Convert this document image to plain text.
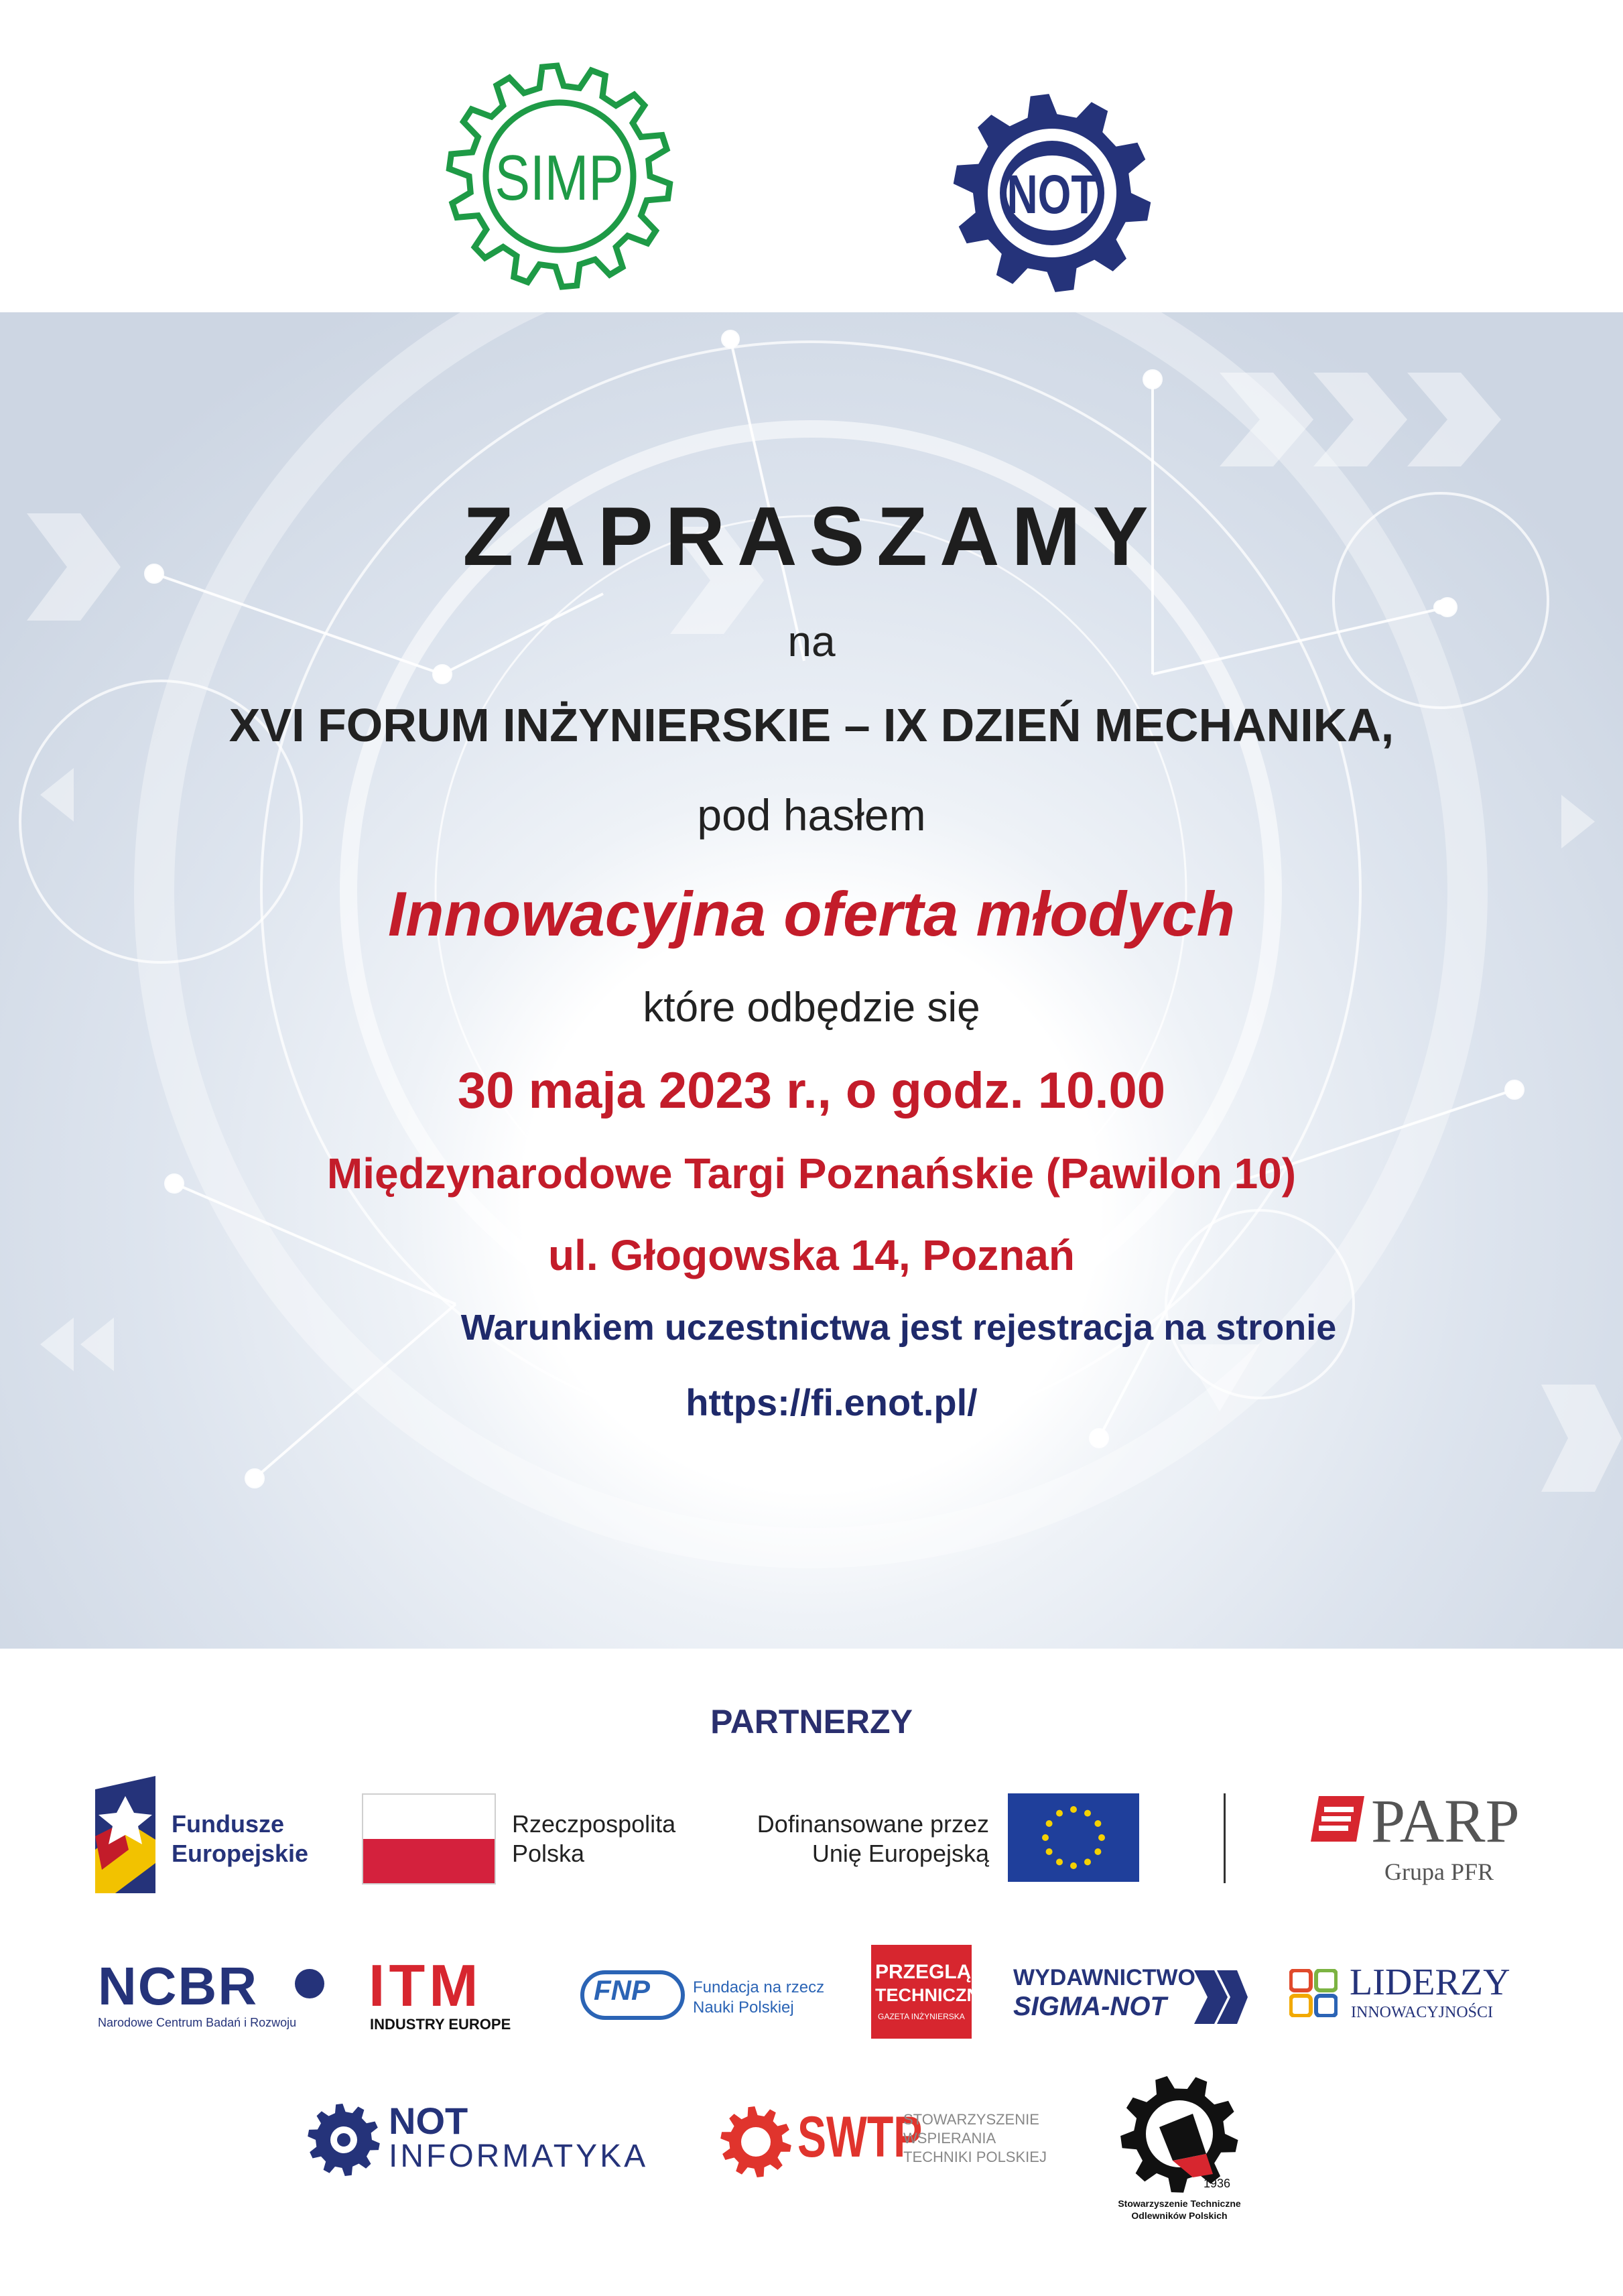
SIMP	NOT
ZAPRASZAMY
na
XVI FORUM INŻYNIERSKIE – IX DZIEŃ MECHANIKA,
pod hasłem
Innowacyjna oferta młodych
które odbędzie się
30 maja 2023 r., o godz. 10.00
Międzynarodowe Targi Poznańskie (Pawilon 10)
ul. Głogowska 14, Poznań
Warunkiem uczestnictwa jest rejestracja na stronie
https://fi.enot.pl/
PARTNERZY
Fundusze
Europejskie
Rzeczpospolita
Polska
Dofinansowane przez
Unię Europejską	PARP
Grupa PFR
NCBR
Narodowe Centrum Badań i Rozwoju
ITM
INDUSTRY EUROPE
FNP	Fundacja na rzecz
Nauki Polskiej
PRZEGLĄD
TECHNICZNY
GAZETA INŻYNIERSKA
WYDAWNICTWO
SIGMA-NOT
LIDERZY
INNOWACYJNOŚCI
NOT
INFORMATYKA	SWTP
STOWARZYSZENIE
WSPIERANIA
TECHNIKI POLSKIEJ
1936
Stowarzyszenie Techniczne
Odlewników Polskich
